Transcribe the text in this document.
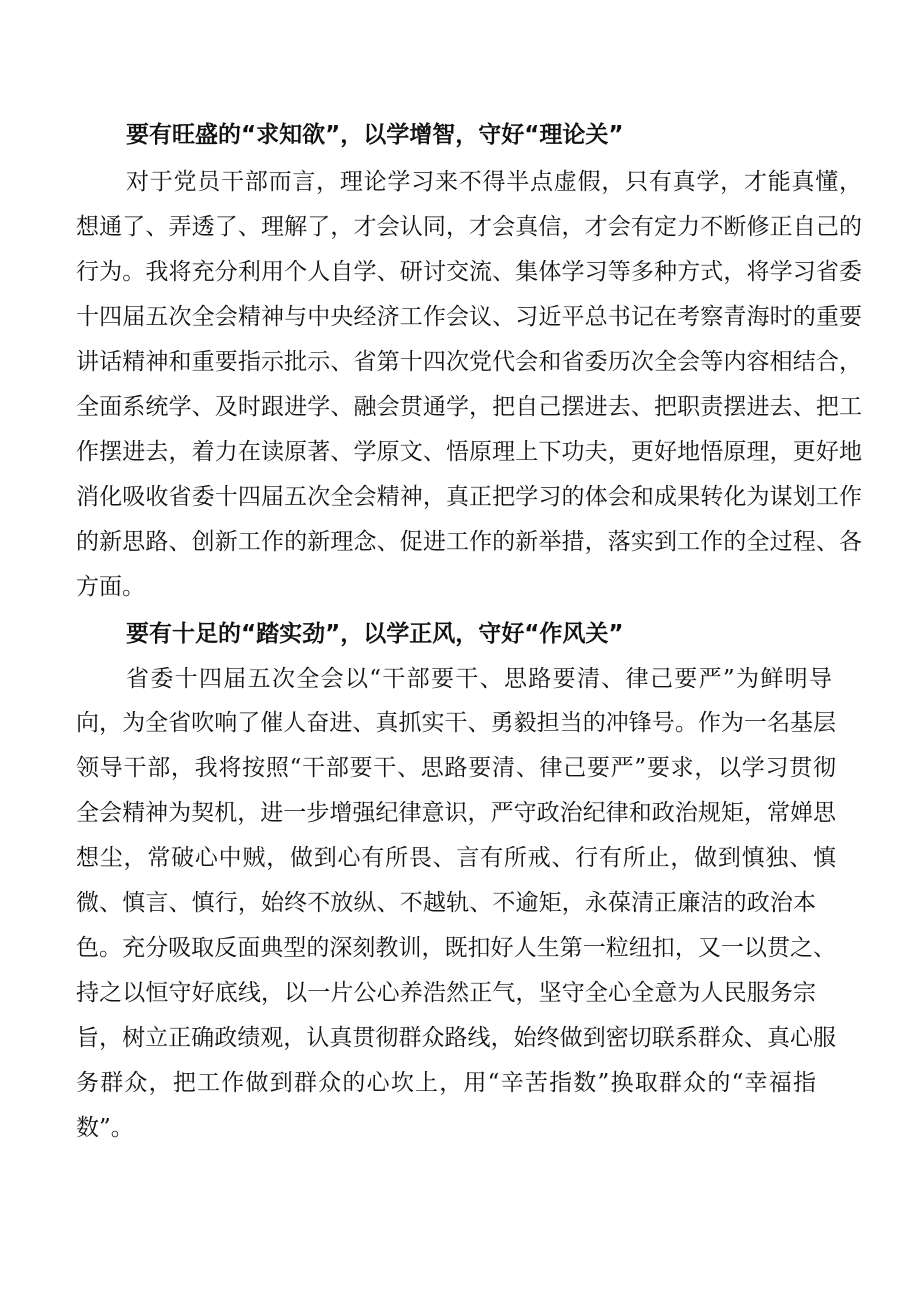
要有旺盛的“求知欲”，以学增智，守好“理论关”
对于党员干部而言，理论学习来不得半点虚假，只有真学，才能真懂，
想通了、弄透了、理解了，才会认同，才会真信，才会有定力不断修正自己的
行为。我将充分利用个人自学、研讨交流、集体学习等多种方式，将学习省委
十四届五次全会精神与中央经济工作会议、习近平总书记在考察青海时的重要
讲话精神和重要指示批示、省第十四次党代会和省委历次全会等内容相结合，
全面系统学、及时跟进学、融会贯通学，把自己摆进去、把职责摆进去、把工
作摆进去，着力在读原著、学原文、悟原理上下功夫，更好地悟原理，更好地
消化吸收省委十四届五次全会精神，真正把学习的体会和成果转化为谋划工作
的新思路、创新工作的新理念、促进工作的新举措，落实到工作的全过程、各
方面。
要有十足的“踏实劲”，以学正风，守好“作风关”
省委十四届五次全会以“干部要干、思路要清、律己要严”为鲜明导
向，为全省吹响了催人奋进、真抓实干、勇毅担当的冲锋号。作为一名基层
领导干部，我将按照“干部要干、思路要清、律己要严”要求，以学习贯彻
全会精神为契机，进一步增强纪律意识，严守政治纪律和政治规矩，常婵思
想尘，常破心中贼，做到心有所畏、言有所戒、行有所止，做到慎独、慎
微、慎言、慎行，始终不放纵、不越轨、不逾矩，永葆清正廉洁的政治本
色。充分吸取反面典型的深刻教训，既扣好人生第一粒纽扣，又一以贯之、
持之以恒守好底线，以一片公心养浩然正气，坚守全心全意为人民服务宗
旨，树立正确政绩观，认真贯彻群众路线，始终做到密切联系群众、真心服
务群众，把工作做到群众的心坎上，用“辛苦指数”换取群众的“幸福指
数”。
